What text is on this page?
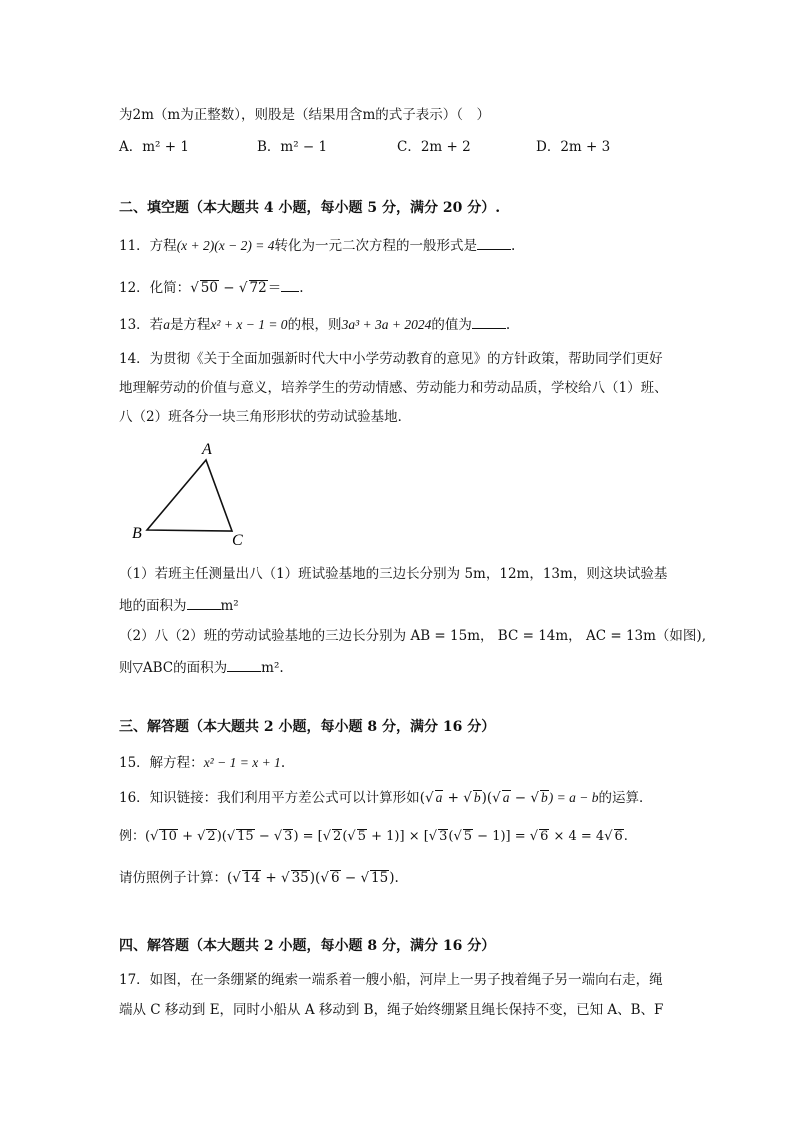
为2m（m为正整数），则股是（结果用含m的式子表示）（　）
A．m² + 1	B．m² − 1	C．2m + 2	D．2m + 3
二、填空题（本大题共 4 小题，每小题 5 分，满分 20 分）.
11．方程(x + 2)(x − 2) = 4转化为一元二次方程的一般形式是	.
12．化简：√ 50 − √ 72＝ .
13．若a是方程x² + x − 1 = 0的根，则3a³ + 3a + 2024的值为	.
14．为贯彻《关于全面加强新时代大中小学劳动教育的意见》的方针政策，帮助同学们更好
地理解劳动的价值与意义，培养学生的劳动情感、劳动能力和劳动品质，学校给八（1）班、
八（2）班各分一块三角形形状的劳动试验基地．
A
B	C
（1）若班主任测量出八（1）班试验基地的三边长分别为 5m，12m，13m，则这块试验基
地的面积为	m²
（2）八（2）班的劳动试验基地的三边长分别为 AB = 15m， BC = 14m， AC = 13m（如图),
则▽ABC的面积为	m².
三、解答题（本大题共 2 小题，每小题 8 分，满分 16 分）
15．解方程：x² − 1 = x + 1.
16．知识链接：我们利用平方差公式可以计算形如(√ a + √ b)(√ a − √ b) = a − b的运算．
例：(√ 10 + √ 2)(√ 15 − √ 3) = [√ 2(√ 5 + 1)] × [√ 3(√ 5 − 1)] = √ 6 × 4 = 4√ 6.
请仿照例子计算：(√ 14 + √ 35)(√ 6 − √ 15).
四、解答题（本大题共 2 小题，每小题 8 分，满分 16 分）
17．如图，在一条绷紧的绳索一端系着一艘小船，河岸上一男子拽着绳子另一端向右走，绳
端从 C 移动到 E，同时小船从 A 移动到 B，绳子始终绷紧且绳长保持不变，已知 A、B、F
